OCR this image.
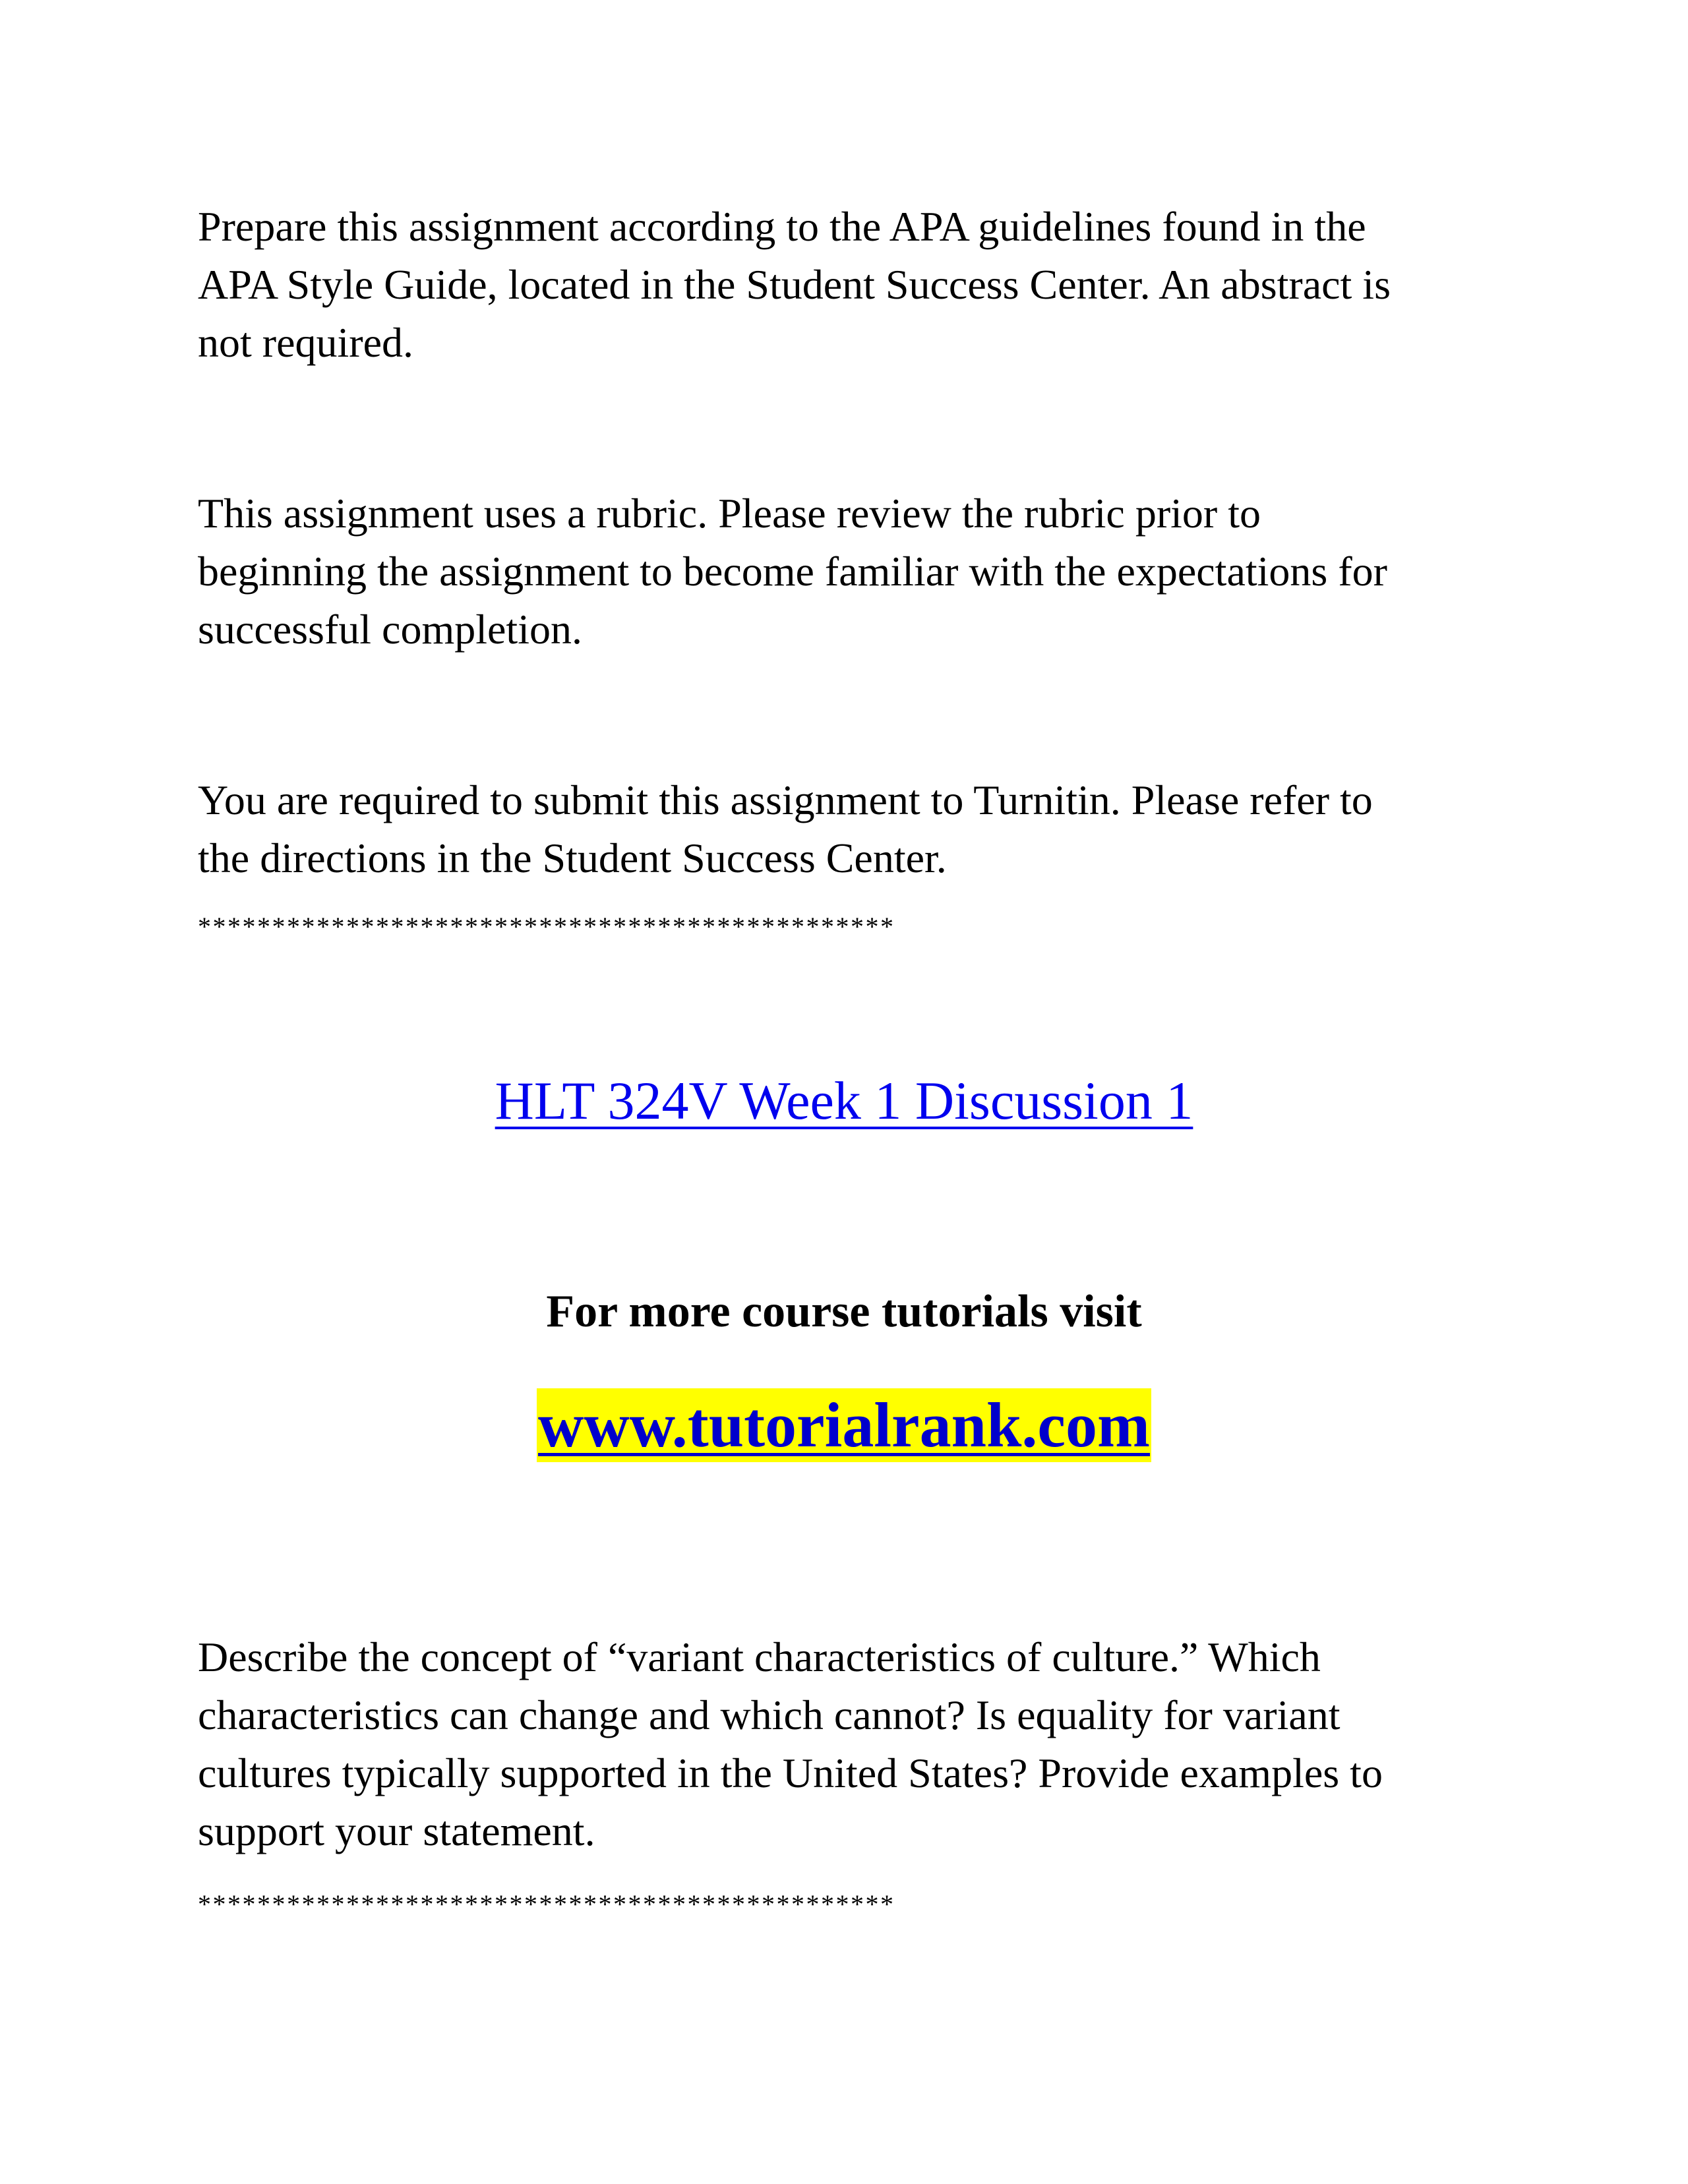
Prepare this assignment according to the APA guidelines found in the
APA Style Guide, located in the Student Success Center. An abstract is
not required.

This assignment uses a rubric. Please review the rubric prior to
beginning the assignment to become familiar with the expectations for
successful completion.

You are required to submit this assignment to Turnitin. Please refer to
the directions in the Student Success Center.

***********************************************

HLT 324V Week 1 Discussion 1

For more course tutorials visit

www.tutorialrank.com

Describe the concept of “variant characteristics of culture.” Which
characteristics can change and which cannot? Is equality for variant
cultures typically supported in the United States? Provide examples to
support your statement.

***********************************************
